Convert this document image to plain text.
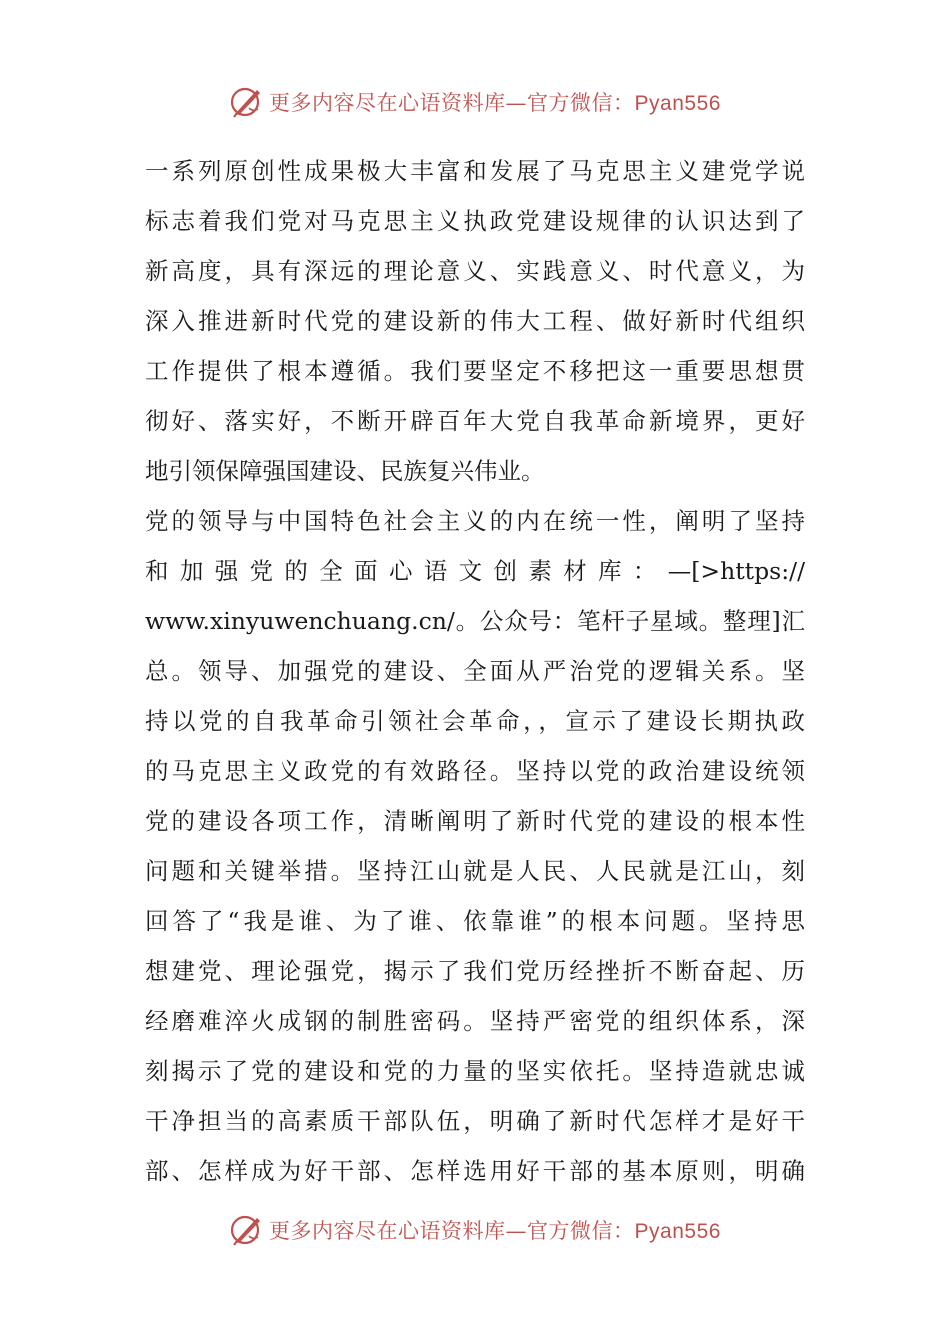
更多内容尽在心语资料库—官方微信：Pyan556
一系列原创性成果极大丰富和发展了马克思主义建党学说
标志着我们党对马克思主义执政党建设规律的认识达到了
新高度，具有深远的理论意义、实践意义、时代意义，为
深入推进新时代党的建设新的伟大工程、做好新时代组织
工作提供了根本遵循。我们要坚定不移把这一重要思想贯
彻好、落实好，不断开辟百年大党自我革命新境界，更好
地引领保障强国建设、民族复兴伟业。
党的领导与中国特色社会主义的内在统一性，阐明了坚持
和加强党的全面心语文创素材库：—[>https://
www.xinyuwenchuang.cn/。公众号：笔杆子星域。整理]汇
总。领导、加强党的建设、全面从严治党的逻辑关系。坚
持以党的自我革命引领社会革命，，宣示了建设长期执政
的马克思主义政党的有效路径。坚持以党的政治建设统领
党的建设各项工作，清晰阐明了新时代党的建设的根本性
问题和关键举措。坚持江山就是人民、人民就是江山，刻
回答了“我是谁、为了谁、依靠谁”的根本问题。坚持思
想建党、理论强党，揭示了我们党历经挫折不断奋起、历
经磨难淬火成钢的制胜密码。坚持严密党的组织体系，深
刻揭示了党的建设和党的力量的坚实依托。坚持造就忠诚
干净担当的高素质干部队伍，明确了新时代怎样才是好干
部、怎样成为好干部、怎样选用好干部的基本原则，明确
更多内容尽在心语资料库—官方微信：Pyan556
